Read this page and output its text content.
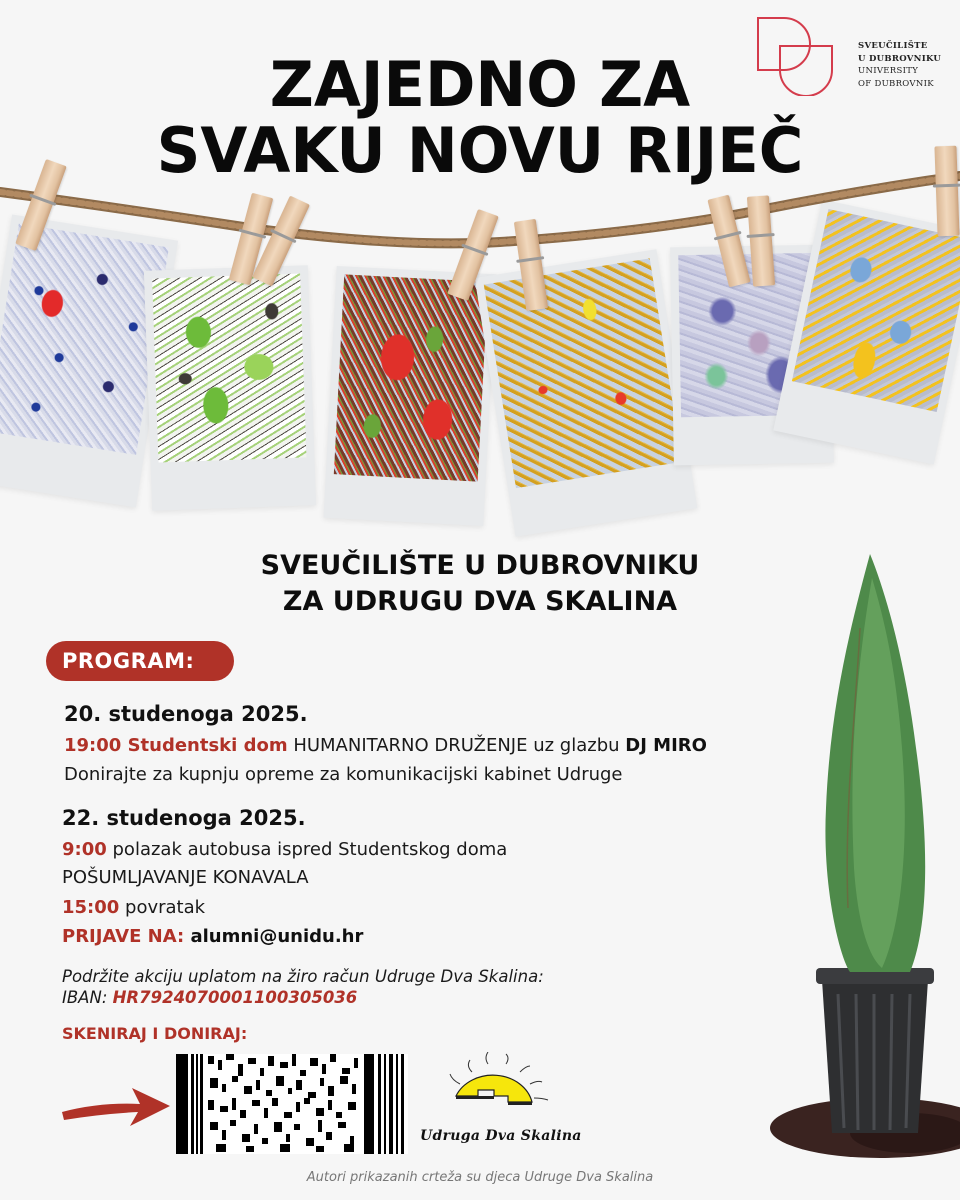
SVEUČILIŠTE
U DUBROVNIKU
UNIVERSITY
OF DUBROVNIK
ZAJEDNO ZA
SVAKU NOVU RIJEČ
SVEUČILIŠTE U DUBROVNIKU
ZA UDRUGU DVA SKALINA
PROGRAM:
20. studenoga 2025.
19:00 Studentski dom HUMANITARNO DRUŽENJE uz glazbu DJ MIRO
Donirajte za kupnju opreme za komunikacijski kabinet Udruge
22. studenoga 2025.
9:00 polazak autobusa ispred Studentskog doma
POŠUMLJAVANJE KONAVALA
15:00 povratak
PRIJAVE NA: alumni@unidu.hr
Podržite akciju uplatom na žiro račun Udruge Dva Skalina:
IBAN: HR7924070001100305036
SKENIRAJ I DONIRAJ:
Udruga Dva Skalina
Autori prikazanih crteža su djeca Udruge Dva Skalina
